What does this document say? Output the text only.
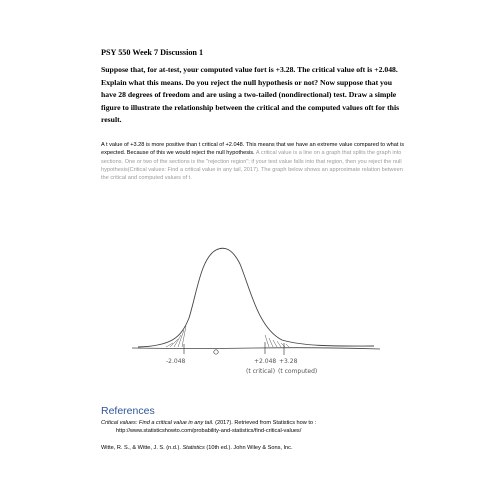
PSY 550 Week 7 Discussion 1
Suppose that, for at-test, your computed value fort is +3.28. The critical value oft is +2.048. Explain what this means. Do you reject the null hypothesis or not? Now suppose that you have 28 degrees of freedom and are using a two-tailed (nondirectional) test. Draw a simple figure to illustrate the relationship between the critical and the computed values oft for this result.
A t value of +3.28 is more positive than t critical of +2.048. This means that we have an extreme value compared to what is expected. Because of this we would reject the null hypothesis. A critical value is a line on a graph that splits the graph into sections. One or two of the sections is the "rejection region"; if your test value falls into that region, then you reject the null hypothesis(Critical values: Find a critical value in any tail, 2017). The graph below shows an approximate relation between the critical and computed values of t.
-2.048	+2.048 +3.28
(t critical) (t computed)
References
Critical values: Find a critical value in any tail. (2017). Retrieved from Statistics how to :
http://www.statisticshowto.com/probability-and-statistics/find-critical-values/
Witte, R. S., & Witte, J. S. (n.d.). Statistics (10th ed.). John Wiley & Sons, Inc.
